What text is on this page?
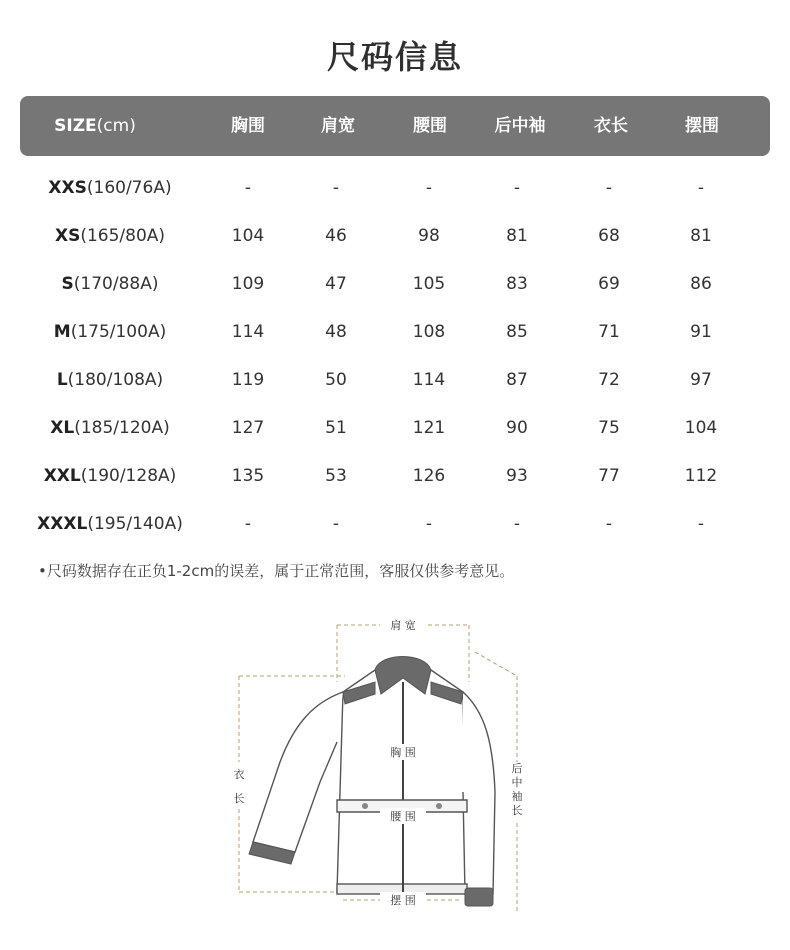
尺码信息
SIZE(cm)	胸围	肩宽	腰围	后中袖	衣长	摆围
XXS(160/76A)	-	-	-	-	-	-
XS(165/80A)	104	46	98	81	68	81
S(170/88A)	109	47	105	83	69	86
M(175/100A)	114	48	108	85	71	91
L(180/108A)	119	50	114	87	72	97
XL(185/120A)	127	51	121	90	75	104
XXL(190/128A)	135	53	126	93	77	112
XXXL(195/140A)	-	-	-	-	-	-
•尺码数据存在正负1-2cm的误差，属于正常范围，客服仅供参考意见。
肩 宽
胸 围
腰 围
摆 围
衣
长
后
中
袖
长
